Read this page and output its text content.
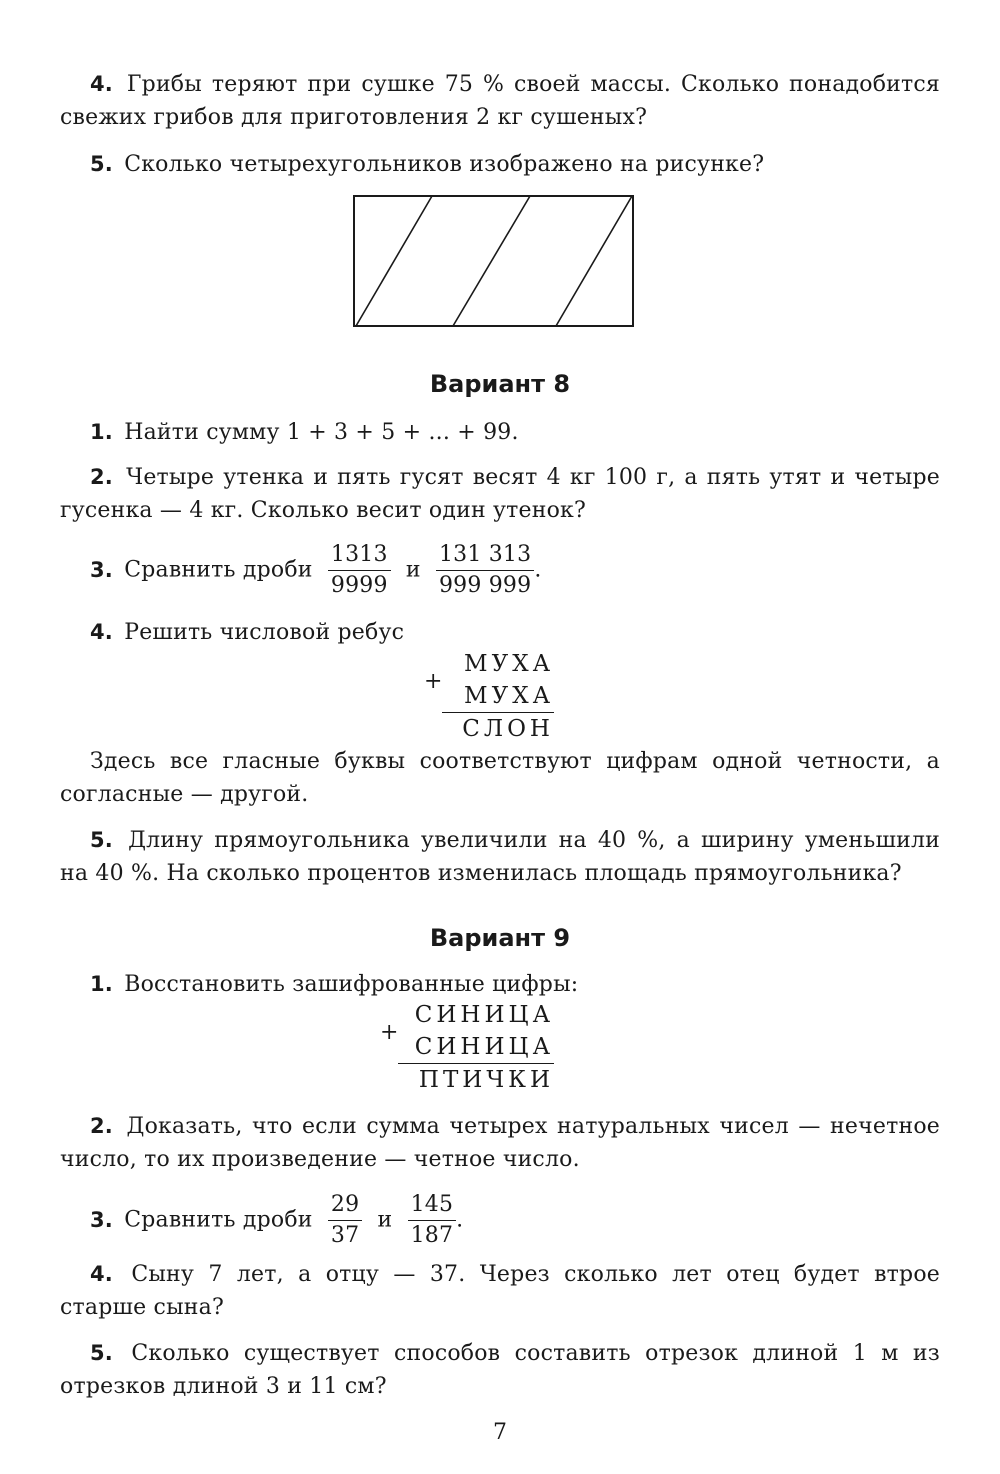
4. Грибы теряют при сушке 75 % своей массы. Сколько понадобится свежих грибов для приготовления 2 кг сушеных?
5. Сколько четырехугольников изображено на рисунке?
Вариант 8
1. Найти сумму 1 + 3 + 5 + ... + 99.
2. Четыре утенка и пять гусят весят 4 кг 100 г, а пять утят и четыре гусенка — 4 кг. Сколько весит один утенок?
3. Сравнить дроби $\frac{1313}{9999}$ и $\frac{131 313}{999 999}$ .
4. Решить числовой ребус
+
МУХА
МУХА
СЛОН
Здесь все гласные буквы соответствуют цифрам одной четности, а согласные — другой.
5. Длину прямоугольника увеличили на 40 %, а ширину уменьшили на 40 %. На сколько процентов изменилась площадь прямоугольника?
Вариант 9
1. Восстановить зашифрованные цифры:
+
СИНИЦА
СИНИЦА
ПТИЧКИ
2. Доказать, что если сумма четырех натуральных чисел — нечетное число, то их произведение — четное число.
3. Сравнить дроби $\frac{29}{37}$ и $\frac{145}{187}$ .
4. Сыну 7 лет, а отцу — 37. Через сколько лет отец будет втрое старше сына?
5. Сколько существует способов составить отрезок длиной 1 м из отрезков длиной 3 и 11 см?
7
